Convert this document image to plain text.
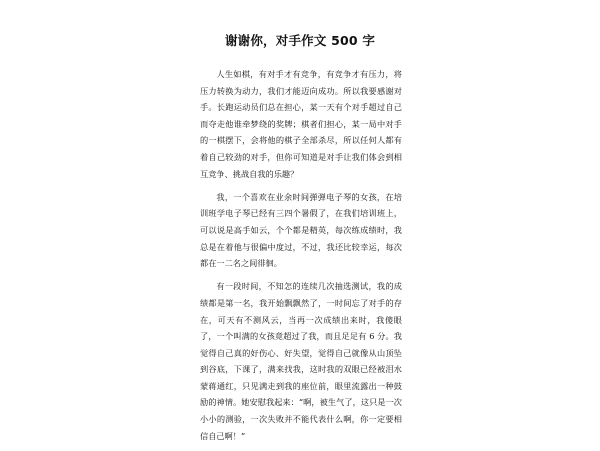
谢谢你，对手作文 500 字

人生如棋，有对手才有竞争，有竞争才有压力，将压力转换为动力，我们才能迈向成功。所以我要感谢对手。长跑运动员们总在担心，某一天有个对手超过自己而夺走他谁牵梦绕的奖牌；棋者们担心，某一局中对手的一棋摆下，会将他的棋子全部杀尽，所以任何人都有着自己较劲的对手，但你可知道是对手让我们体会到相互竞争、挑战自我的乐趣？

我，一个喜欢在业余时间弹弹电子琴的女孩，在培训班学电子琴已经有三四个暑假了，在我们培训班上，可以说是高手如云，个个都是精英，每次练成绩时，我总是在着他与很偏中度过，不过，我还比较幸运，每次都在一二名之间徘徊。

有一段时间，不知怎的连续几次抽选测试，我的成绩都是第一名，我开始飘飘然了，一时间忘了对手的存在，可天有不测风云，当再一次成绩出来时，我傻眼了，一个叫满的女孩竟超过了我，而且足足有 6 分。我觉得自己真的好伤心、好失望，觉得自己就像从山顶坠到谷底，下课了，满来找我，这时我的双眼已经被泪水蒙蒋通红，只见满走到我的座位前，眼里流露出一种鼓励的神情。她安慰我起来：“啊，被生气了，这只是一次小小的测验，一次失败并不能代表什么啊，你一定要相信自己啊！”
